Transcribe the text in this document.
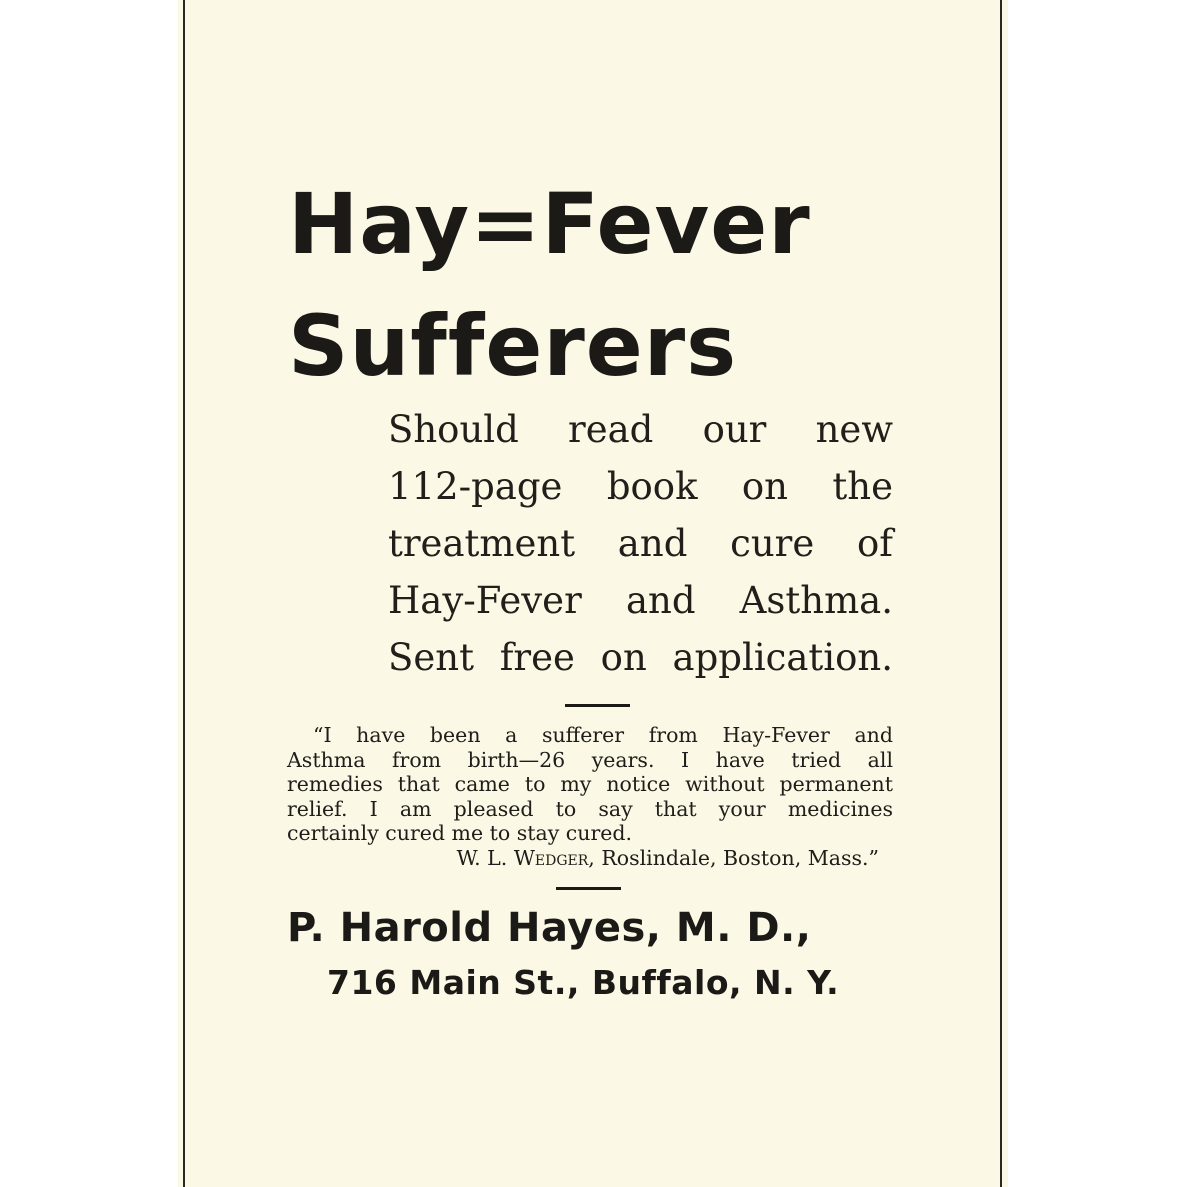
Hay=Fever
Sufferers
Should read our new
112-page book on the
treatment and cure of
Hay-Fever and Asthma.
Sent free on application.
“I have been a sufferer from Hay-Fever and
Asthma from birth—26 years. I have tried all
remedies that came to my notice without permanent
relief. I am pleased to say that your medicines
certainly cured me to stay cured.
W. L. Wedger, Roslindale, Boston, Mass.”
P. Harold Hayes, M. D.,
716 Main St., Buffalo, N. Y.
